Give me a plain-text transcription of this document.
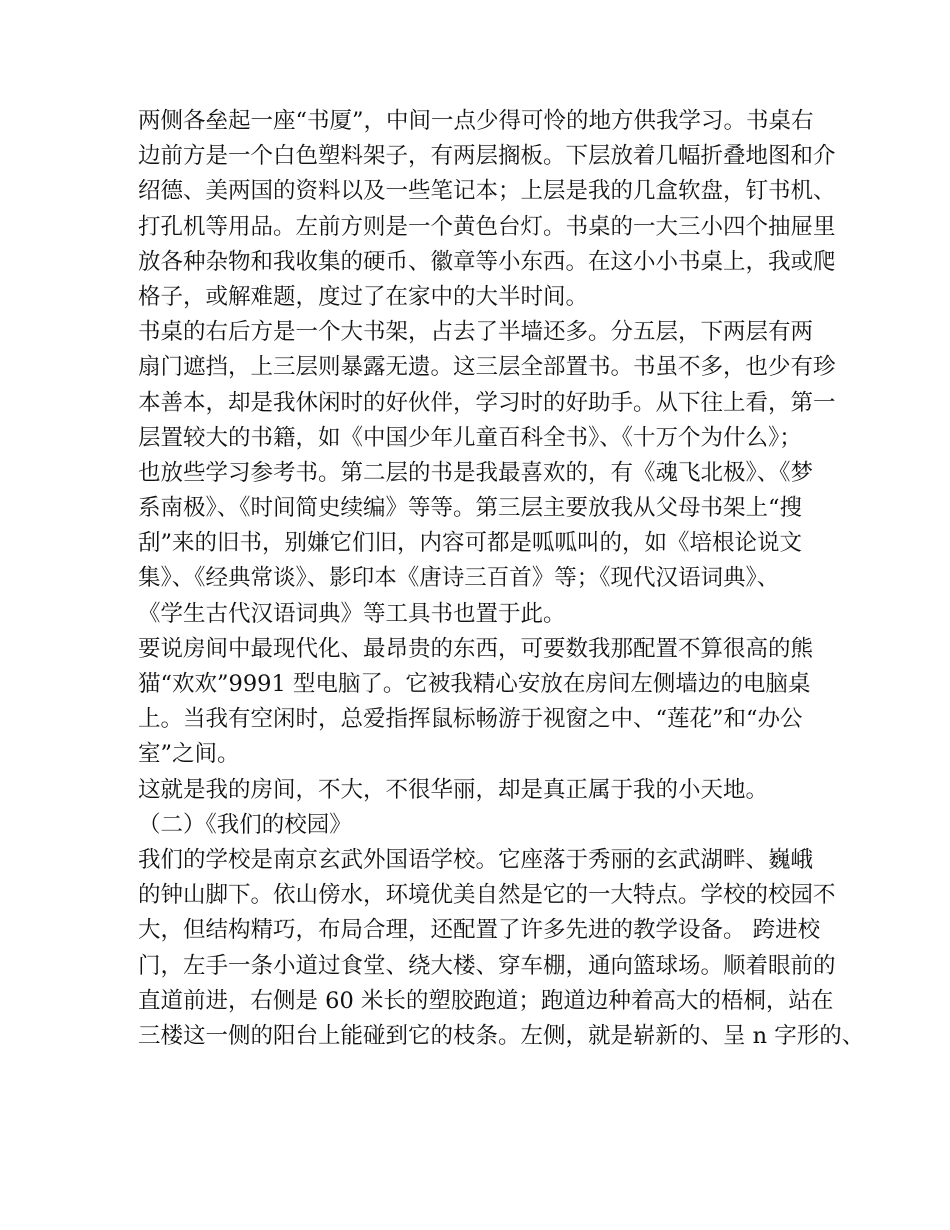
两侧各垒起一座“书厦”，中间一点少得可怜的地方供我学习。书桌右
边前方是一个白色塑料架子，有两层搁板。下层放着几幅折叠地图和介
绍德、美两国的资料以及一些笔记本；上层是我的几盒软盘，钉书机、
打孔机等用品。左前方则是一个黄色台灯。书桌的一大三小四个抽屉里
放各种杂物和我收集的硬币、徽章等小东西。在这小小书桌上，我或爬
格子，或解难题，度过了在家中的大半时间。
书桌的右后方是一个大书架，占去了半墙还多。分五层，下两层有两
扇门遮挡，上三层则暴露无遗。这三层全部置书。书虽不多，也少有珍
本善本，却是我休闲时的好伙伴，学习时的好助手。从下往上看，第一
层置较大的书籍，如《中国少年儿童百科全书》、《十万个为什么》；
也放些学习参考书。第二层的书是我最喜欢的，有《魂飞北极》、《梦
系南极》、《时间简史续编》等等。第三层主要放我从父母书架上“搜
刮”来的旧书，别嫌它们旧，内容可都是呱呱叫的，如《培根论说文
集》、《经典常谈》、影印本《唐诗三百首》等；《现代汉语词典》、
《学生古代汉语词典》等工具书也置于此。
要说房间中最现代化、最昂贵的东西，可要数我那配置不算很高的熊
猫“欢欢”9991 型电脑了。它被我精心安放在房间左侧墙边的电脑桌
上。当我有空闲时，总爱指挥鼠标畅游于视窗之中、“莲花”和“办公
室”之间。
这就是我的房间，不大，不很华丽，却是真正属于我的小天地。
（二）《我们的校园》
我们的学校是南京玄武外国语学校。它座落于秀丽的玄武湖畔、巍峨
的钟山脚下。依山傍水，环境优美自然是它的一大特点。学校的校园不
大，但结构精巧，布局合理，还配置了许多先进的教学设备。 跨进校
门，左手一条小道过食堂、绕大楼、穿车棚，通向篮球场。顺着眼前的
直道前进，右侧是 60 米长的塑胶跑道；跑道边种着高大的梧桐，站在
三楼这一侧的阳台上能碰到它的枝条。左侧，就是崭新的、呈 n 字形的、
